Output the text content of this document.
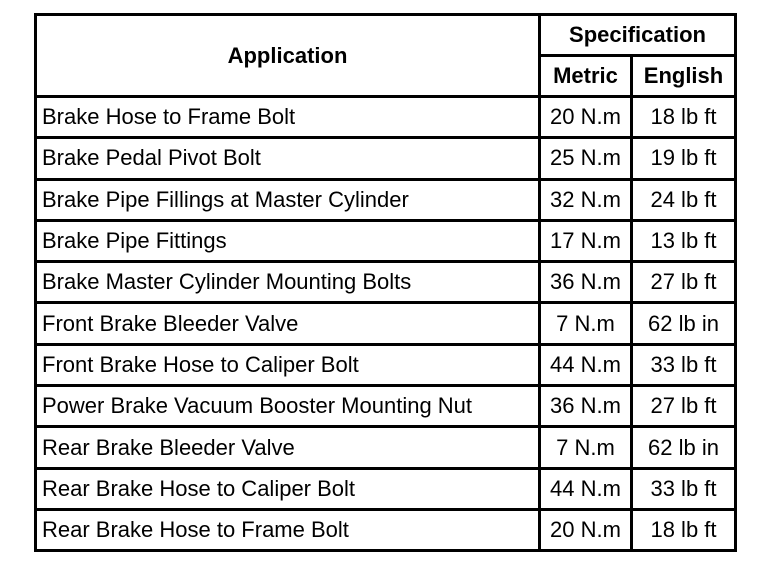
Application	Specification	
	Metric	English
Brake Hose to Frame Bolt	20 N.m	18 lb ft
Brake Pedal Pivot Bolt	25 N.m	19 lb ft
Brake Pipe Fillings at Master Cylinder	32 N.m	24 lb ft
Brake Pipe Fittings	17 N.m	13 lb ft
Brake Master Cylinder Mounting Bolts	36 N.m	27 lb ft
Front Brake Bleeder Valve	7 N.m	62 lb in
Front Brake Hose to Caliper Bolt	44 N.m	33 lb ft
Power Brake Vacuum Booster Mounting Nut	36 N.m	27 lb ft
Rear Brake Bleeder Valve	7 N.m	62 lb in
Rear Brake Hose to Caliper Bolt	44 N.m	33 lb ft
Rear Brake Hose to Frame Bolt	20 N.m	18 lb ft
